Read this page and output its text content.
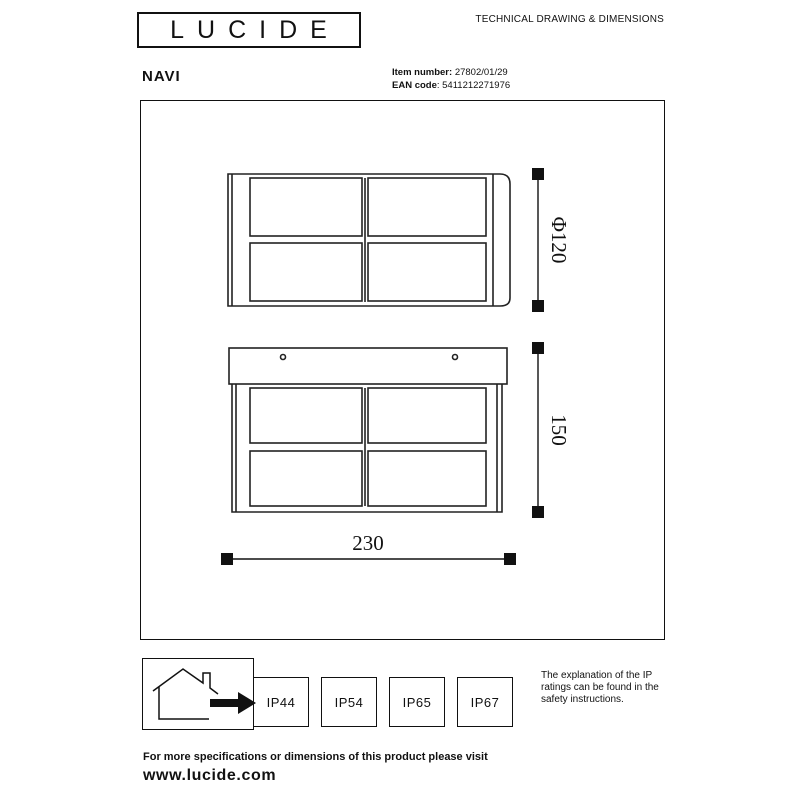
LUCIDE	TECHNICAL DRAWING & DIMENSIONS
NAVI	Item number: 27802/01/29
EAN code: 5411212271976
Φ120
150
230
IP44	IP54	IP65	IP67
The explanation of the IP ratings can be found in the safety instructions.
For more specifications or dimensions of this product please visit
www.lucide.com
